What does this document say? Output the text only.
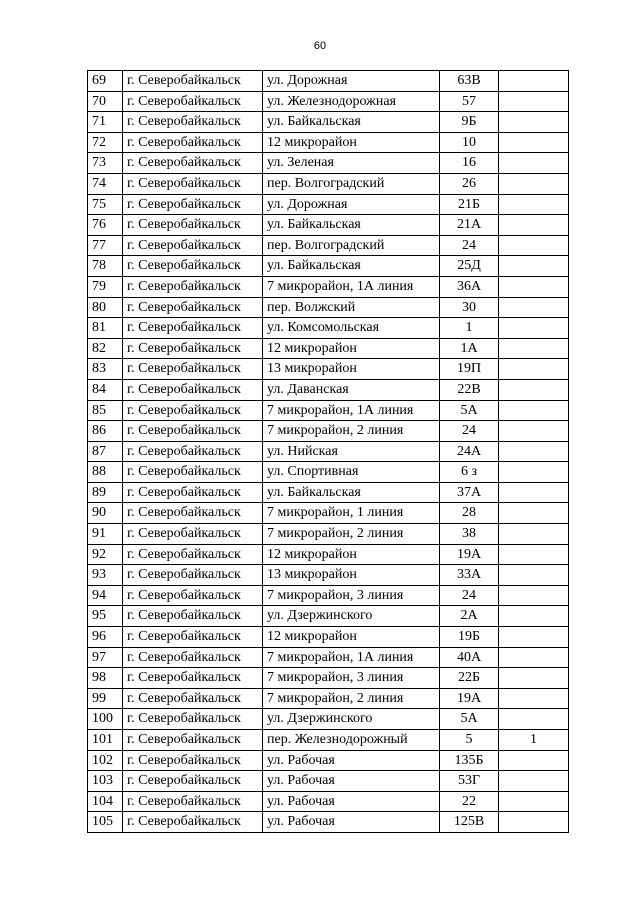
60
69	г. Северобайкальск	ул. Дорожная	63В	
70	г. Северобайкальск	ул. Железнодорожная	57	
71	г. Северобайкальск	ул. Байкальская	9Б	
72	г. Северобайкальск	12 микрорайон	10	
73	г. Северобайкальск	ул. Зеленая	16	
74	г. Северобайкальск	пер. Волгоградский	26	
75	г. Северобайкальск	ул. Дорожная	21Б	
76	г. Северобайкальск	ул. Байкальская	21А	
77	г. Северобайкальск	пер. Волгоградский	24	
78	г. Северобайкальск	ул. Байкальская	25Д	
79	г. Северобайкальск	7 микрорайон, 1А линия	36А	
80	г. Северобайкальск	пер. Волжский	30	
81	г. Северобайкальск	ул. Комсомольская	1	
82	г. Северобайкальск	12 микрорайон	1А	
83	г. Северобайкальск	13 микрорайон	19П	
84	г. Северобайкальск	ул. Даванская	22В	
85	г. Северобайкальск	7 микрорайон, 1А линия	5А	
86	г. Северобайкальск	7 микрорайон, 2 линия	24	
87	г. Северобайкальск	ул. Нийская	24А	
88	г. Северобайкальск	ул. Спортивная	6 з	
89	г. Северобайкальск	ул. Байкальская	37А	
90	г. Северобайкальск	7 микрорайон, 1 линия	28	
91	г. Северобайкальск	7 микрорайон, 2 линия	38	
92	г. Северобайкальск	12 микрорайон	19А	
93	г. Северобайкальск	13 микрорайон	33А	
94	г. Северобайкальск	7 микрорайон, 3 линия	24	
95	г. Северобайкальск	ул. Дзержинского	2А	
96	г. Северобайкальск	12 микрорайон	19Б	
97	г. Северобайкальск	7 микрорайон, 1А линия	40А	
98	г. Северобайкальск	7 микрорайон, 3 линия	22Б	
99	г. Северобайкальск	7 микрорайон, 2 линия	19А	
100	г. Северобайкальск	ул. Дзержинского	5А	
101	г. Северобайкальск	пер. Железнодорожный	5	1
102	г. Северобайкальск	ул. Рабочая	135Б	
103	г. Северобайкальск	ул. Рабочая	53Г	
104	г. Северобайкальск	ул. Рабочая	22	
105	г. Северобайкальск	ул. Рабочая	125В	
